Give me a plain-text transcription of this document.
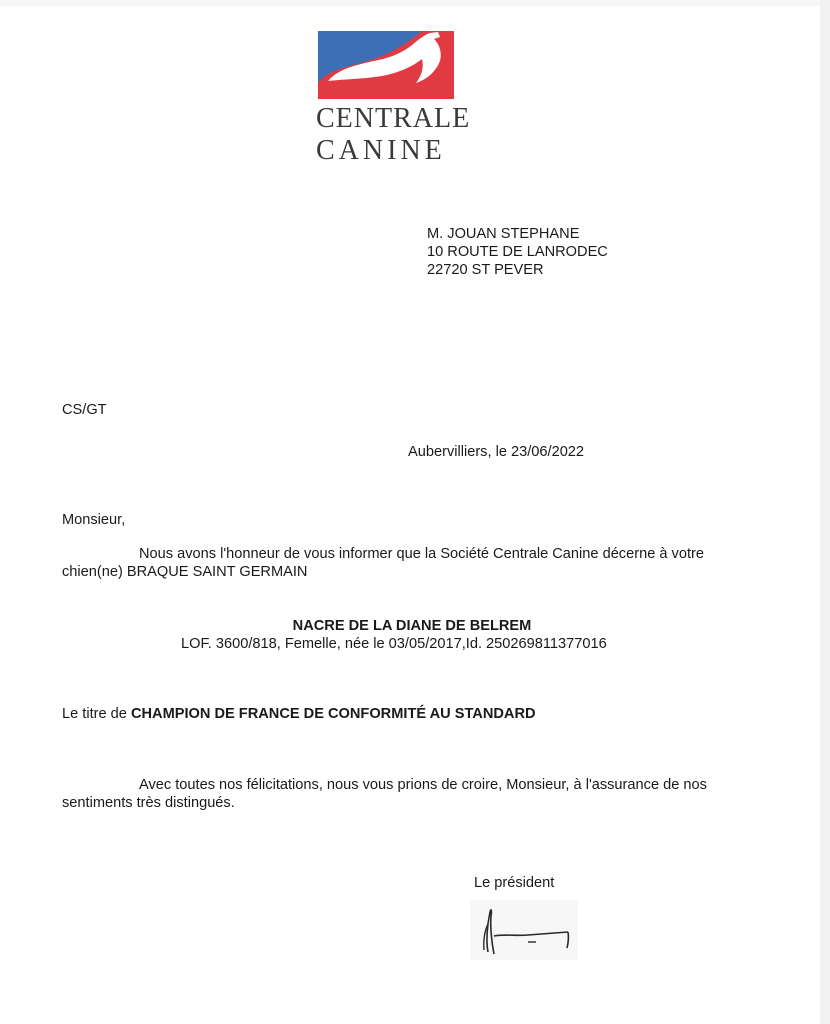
CENTRALE
CANINE
M. JOUAN STEPHANE
10 ROUTE DE LANRODEC
22720 ST PEVER
CS/GT
Aubervilliers, le 23/06/2022
Monsieur,
Nous avons l'honneur de vous informer que la Société Centrale Canine décerne à votre
chien(ne) BRAQUE SAINT GERMAIN
NACRE DE LA DIANE DE BELREM
LOF. 3600/818, Femelle, née le 03/05/2017,Id. 250269811377016
Le titre de CHAMPION DE FRANCE DE CONFORMITÉ AU STANDARD
Avec toutes nos félicitations, nous vous prions de croire, Monsieur, à l'assurance de nos
sentiments très distingués.
Le président
